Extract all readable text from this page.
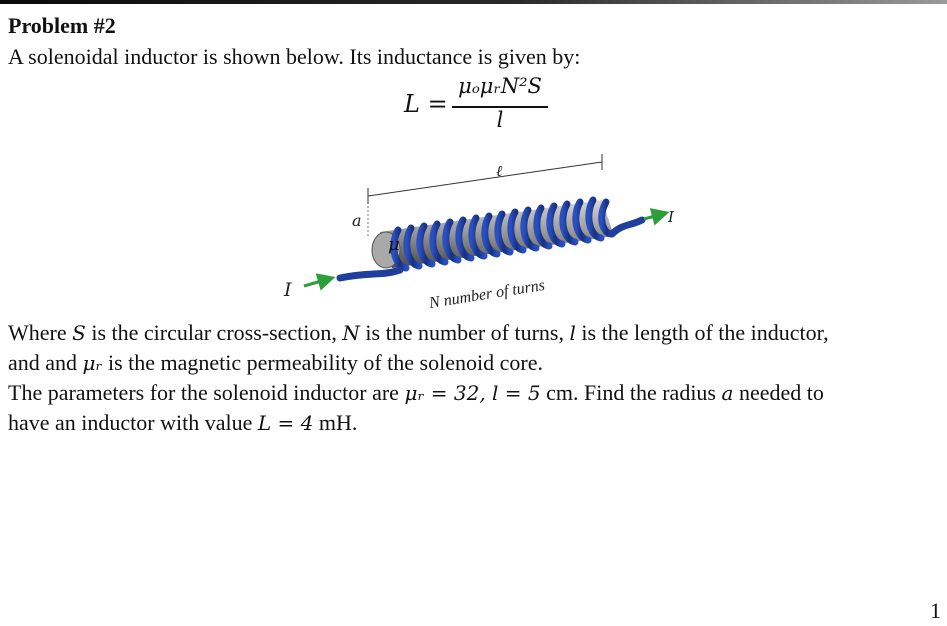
Problem #2
A solenoidal inductor is shown below. Its inductance is given by:
L =
μₒμᵣN²S
l
ℓ
a
μ
I
I
N number of turns

Where S is the circular cross-section, N is the number of turns, l is the length of the inductor,

and and μᵣ is the magnetic permeability of the solenoid core.

The parameters for the solenoid inductor are μᵣ = 32, l = 5 cm. Find the radius a needed to

have an inductor with value L = 4 mH.

1
